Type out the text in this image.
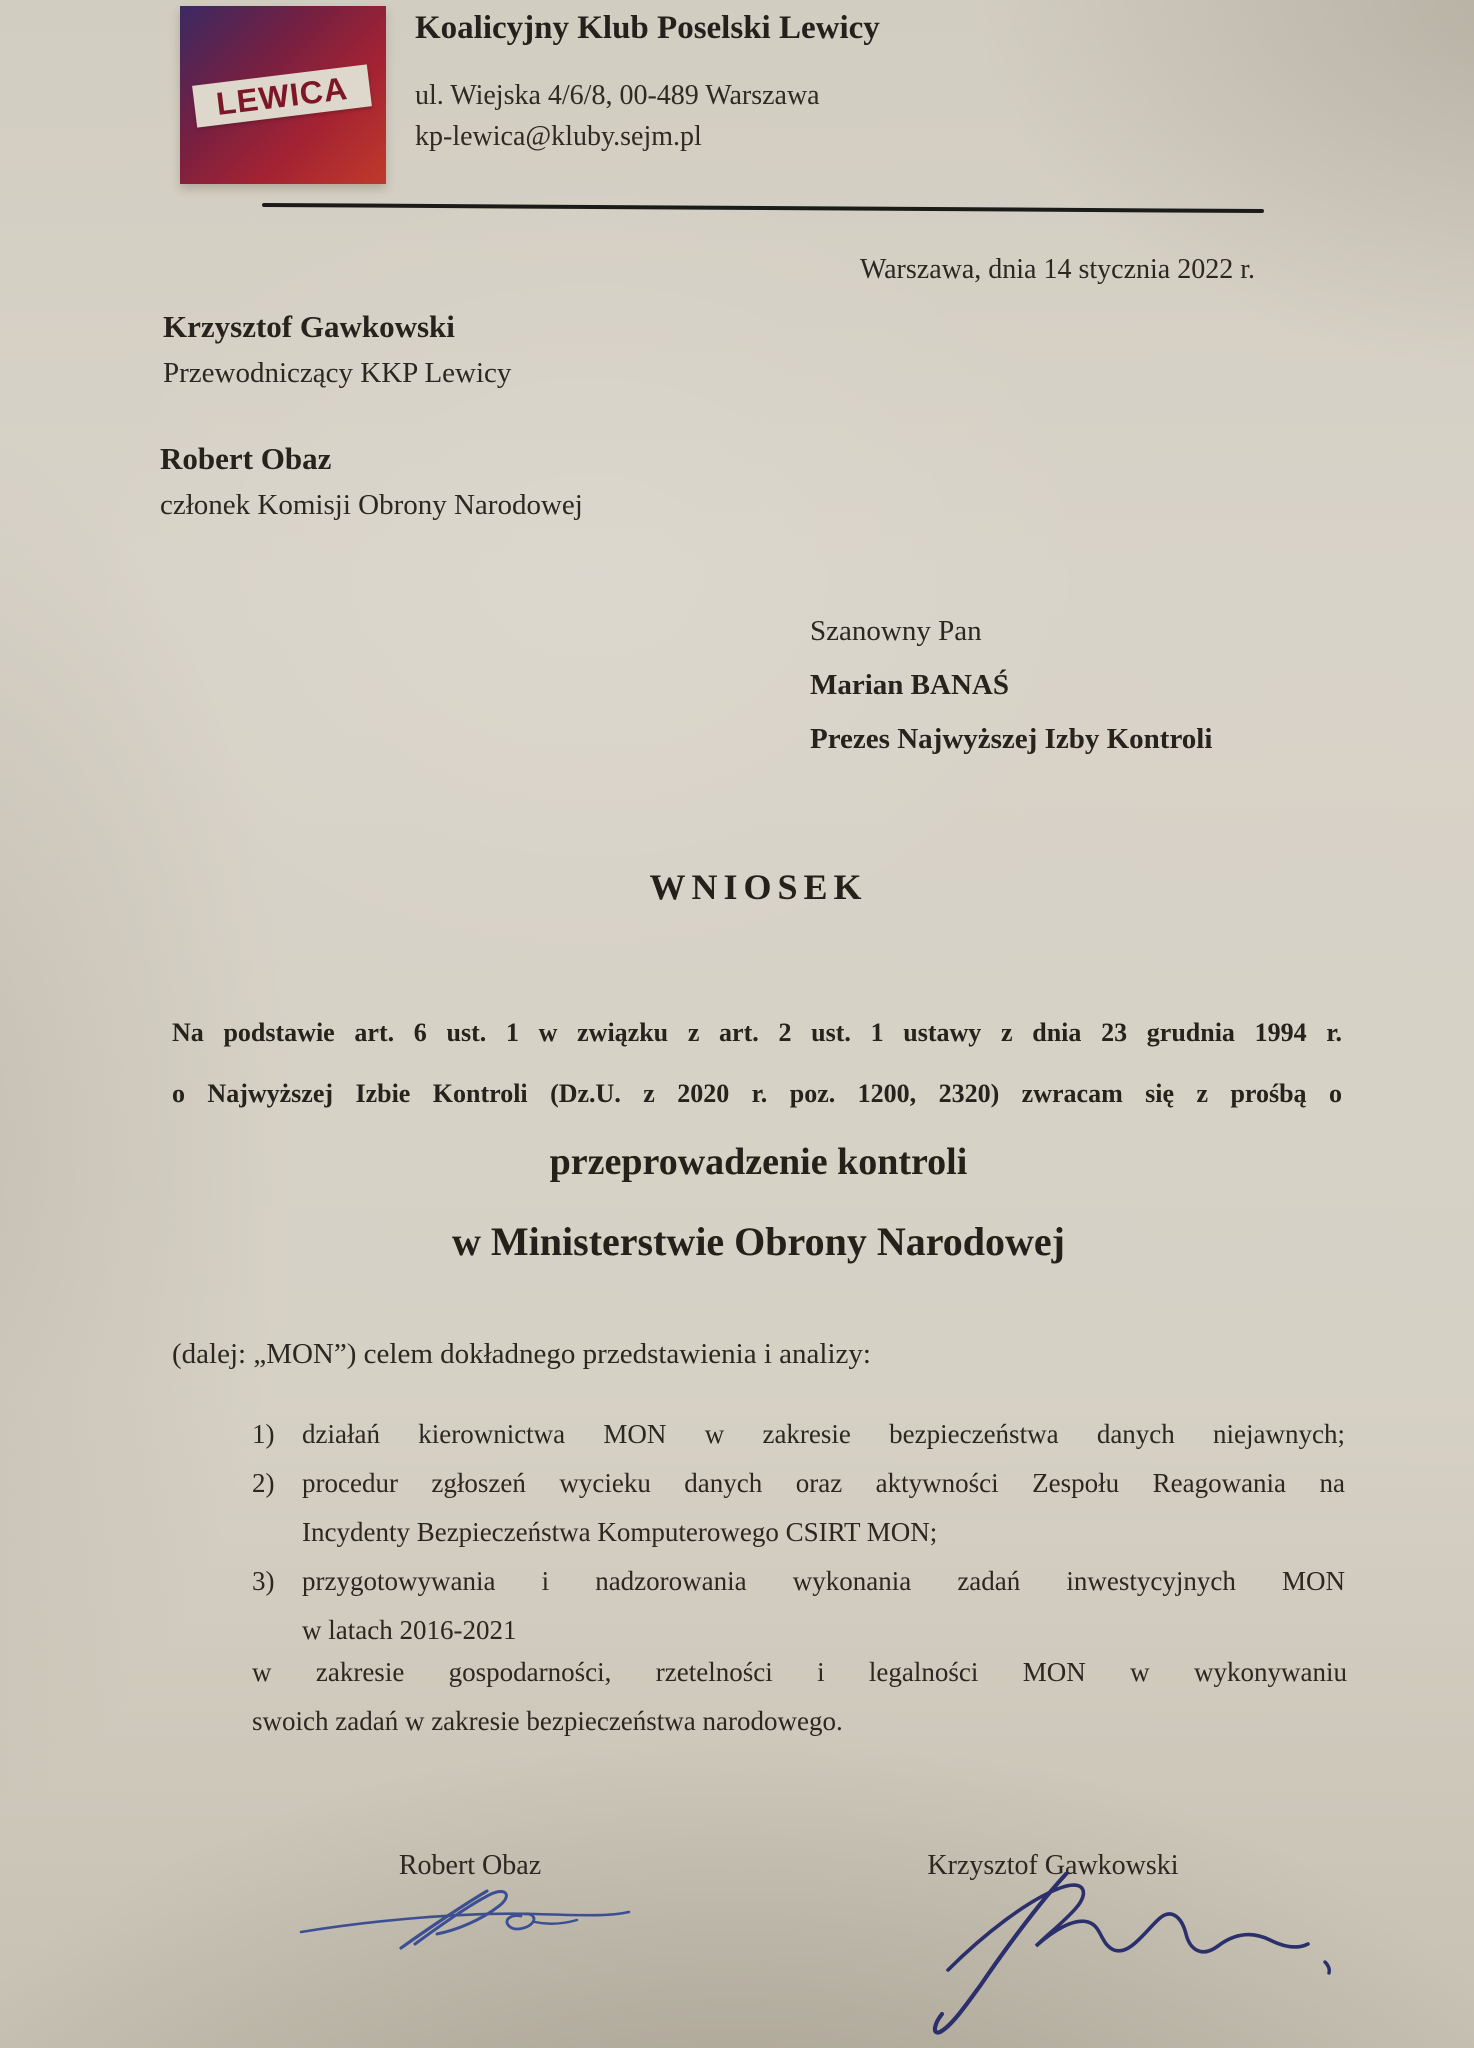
LEWICA
Koalicyjny Klub Poselski Lewicy
ul. Wiejska 4/6/8, 00-489 Warszawa
kp-lewica@kluby.sejm.pl
Warszawa, dnia 14 stycznia 2022 r.
Krzysztof Gawkowski
Przewodniczący KKP Lewicy
Robert Obaz
członek Komisji Obrony Narodowej
Szanowny Pan
Marian BANAŚ
Prezes Najwyższej Izby Kontroli
WNIOSEK
Na podstawie art. 6 ust. 1 w związku z art. 2 ust. 1 ustawy z dnia 23 grudnia 1994 r.
o Najwyższej Izbie Kontroli (Dz.U. z 2020 r. poz. 1200, 2320) zwracam się z prośbą o
przeprowadzenie kontroli
w Ministerstwie Obrony Narodowej
(dalej: „MON”) celem dokładnego przedstawienia i analizy:
1)	działań kierownictwa MON w zakresie bezpieczeństwa danych niejawnych;
2)	procedur zgłoszeń wycieku danych oraz aktywności Zespołu Reagowania na
Incydenty Bezpieczeństwa Komputerowego CSIRT MON;
3)	przygotowywania i nadzorowania wykonania zadań inwestycyjnych MON
w latach 2016-2021
w zakresie gospodarności, rzetelności i legalności MON w wykonywaniu
swoich zadań w zakresie bezpieczeństwa narodowego.
Robert Obaz	Krzysztof Gawkowski
